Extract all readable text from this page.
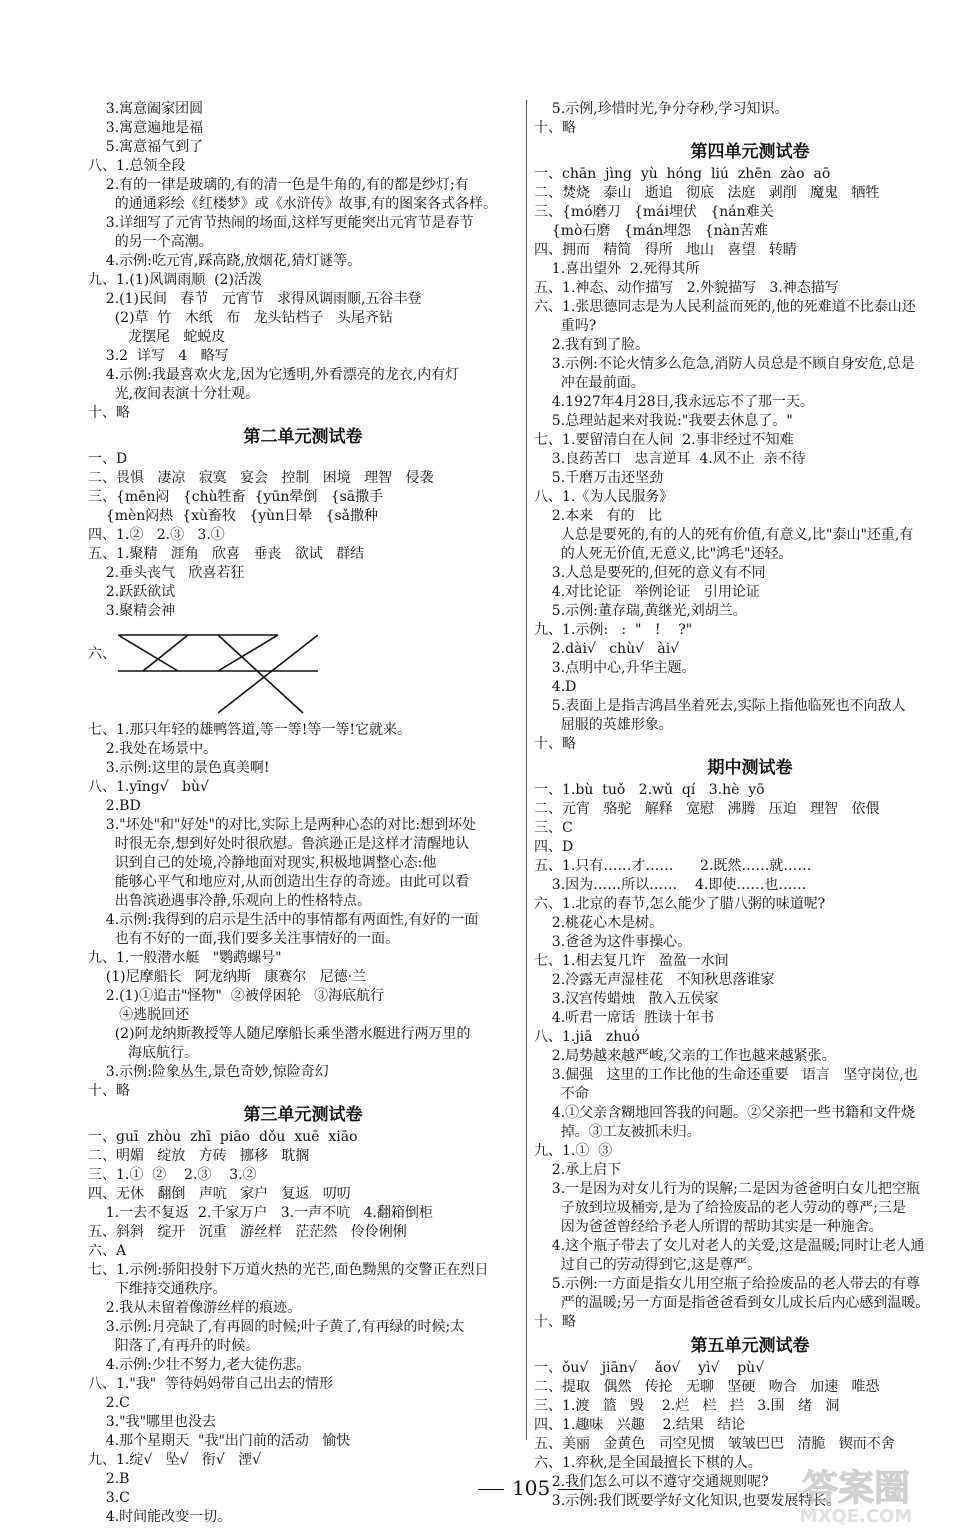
3.寓意阖家团圆
3.寓意遍地是福
5.寓意福气到了
八、1.总领全段
2.有的一律是玻璃的,有的清一色是牛角的,有的都是纱灯;有
的通通彩绘《红楼梦》或《水浒传》故事,有的图案各式各样。
3.详细写了元宵节热闹的场面,这样写更能突出元宵节是春节
的另一个高潮。
4.示例:吃元宵,踩高跷,放烟花,猜灯谜等。
九、1.(1)风调雨顺  (2)活泼
2.(1)民间   春节   元宵节   求得风调雨顺,五谷丰登
(2)草  竹   木纸   布   龙头钻档子   头尾齐钻
龙摆尾   蛇蜕皮
3.2  详写   4   略写
4.示例:我最喜欢火龙,因为它透明,外看漂亮的龙衣,内有灯
光,夜间表演十分壮观。
十、略
第二单元测试卷
一、D
二、畏惧   凄凉   寂寞   宴会   控制   困境   理智   侵袭
三、{mēn闷   {chù牲畜  {yūn晕倒   {sā撒手
{mèn闷热  {xù畜牧   {yùn日晕   {sǎ撒种
四、1.②   2.③   3.①
五、1.聚精   涯角   欣喜   垂丧   欲试   群结
2.垂头丧气   欣喜若狂
2.跃跃欲试
3.聚精会神
六、
七、1.那只年轻的雄鸭答道,等一等!等一等!它就来。
2.我处在场景中。
3.示例:这里的景色真美啊!
八、1.yīng√   bù√
2.BD
3."坏处"和"好处"的对比,实际上是两种心态的对比:想到坏处
时很无奈,想到好处时很欣慰。鲁滨逊正是这样才清醒地认
识到自己的处境,冷静地面对现实,积极地调整心态:他
能够心平气和地应对,从而创造出生存的奇迹。由此可以看
出鲁滨逊遇事冷静,乐观向上的性格特点。
4.示例:我得到的启示是生活中的事情都有两面性,有好的一面
也有不好的一面,我们要多关注事情好的一面。
九、1.一般潜水艇   "鹦鹉螺号"
(1)尼摩船长   阿龙纳斯   康赛尔   尼德·兰
2.(1)①追击"怪物"  ②被俘困轮   ③海底航行
④逃脱回还
(2)阿龙纳斯教授等人随尼摩船长乘坐潜水艇进行两万里的
海底航行。
3.示例:险象丛生,景色奇妙,惊险奇幻
十、略
第三单元测试卷
一、ɡuī  zhòu  zhī  piāo  dǒu  xuē  xiāo
二、明媚   绽放   方砖   挪移   耽搁
三、1.①  ②    2.③    3.②
四、无休   翻倒   声吭   家户   复返   叨叨
1.一去不复返  2.千家万户   3.一声不吭   4.翻箱倒柜
五、斜斜   绽开   沉重   游丝样   茫茫然   伶伶俐俐
六、A
七、1.示例:骄阳投射下万道火热的光芒,面色黝黑的交警正在烈日
下维持交通秩序。
2.我从未留着像游丝样的痕迹。
3.示例:月亮缺了,有再圆的时候;叶子黄了,有再绿的时候;太
阳落了,有再升的时候。
4.示例:少壮不努力,老大徒伤悲。
八、1."我"  等待妈妈带自己出去的情形
2.C
3."我"哪里也没去
4.那个星期天  "我"出门前的活动   愉快
九、1.绽√   坠√   衔√   湮√
2.B
3.C
4.时间能改变一切。
5.示例,珍惜时光,争分夺秒,学习知识。
十、略
第四单元测试卷
一、chān  jìng  yù  hóng  liú  zhēn  zào  aō
二、焚烧   泰山   逝追   彻底   法庭   剥削   魔鬼   牺牲
三、{mó磨刀   {mái埋伏   {nán难关
{mò石磨   {mán埋怨   {nàn苦难
四、拥而   精简   得所   地山   喜望   转睛
1.喜出望外  2.死得其所
五、1.神态、动作描写   2.外貌描写   3.神态描写
六、1.张思德同志是为人民利益而死的,他的死难道不比泰山还
重吗?
2.我有到了脸。
3.示例:不论火情多么危急,消防人员总是不顾自身安危,总是
冲在最前面。
4.1927年4月28日,我永远忘不了那一天。
5.总理站起来对我说:"我要去休息了。"
七、1.要留清白在人间  2.事非经过不知难
3.良药苦口   忠言逆耳  4.风不止  亲不待
5.千磨万击还坚劲
八、1.《为人民服务》
2.本来   有的   比
人总是要死的,有的人的死有价值,有意义,比"泰山"还重,有
的人死无价值,无意义,比"鸿毛"还轻。
3.人总是要死的,但死的意义有不同
4.对比论证   举例论证   引用论证
5.示例:董存瑞,黄继光,刘胡兰。
九、1.示例:   :  "   !    ?"
2.dài√   chù√   ài√
3.点明中心,升华主题。
4.D
5.表面上是指吉鸿昌坐着死去,实际上指他临死也不向敌人
屈服的英雄形象。
十、略
期中测试卷
一、1.bù  tuǒ   2.wǔ  qí   3.hè  yō
二、元宵   骆驼   解释   宽慰   沸腾   压迫   理智   依偎
三、C
四、D
五、1.只有……才……      2.既然……就……
3.因为……所以……    4.即使……也……
六、1.北京的春节,怎么能少了腊八粥的味道呢?
2.桃花心木是树。
3.爸爸为这件事操心。
七、1.相去复几许   盈盈一水间
2.冷露无声湿桂花   不知秋思落谁家
3.汉宫传蜡烛   散入五侯家
4.听君一席话  胜读十年书
八、1.jiā   zhuó
2.局势越来越严峻,父亲的工作也越来越紧张。
3.倔强   这里的工作比他的生命还重要   语言   坚守岗位,也
不命
4.①父亲含糊地回答我的问题。②父亲把一些书籍和文件烧
掉。③工友被抓未归。
九、1.①  ③
2.承上启下
3.一是因为对女儿行为的误解;二是因为爸爸明白女儿把空瓶
子放到垃圾桶旁,是为了给捡废品的老人劳动的尊严;三是
因为爸爸曾经给予老人所谓的帮助其实是一种施舍。
4.这个瓶子带去了女儿对老人的关爱,这是温暖;同时让老人通
过自己的劳动得到它,这是尊严。
5.示例:一方面是指女儿用空瓶子给捡废品的老人带去的有尊
严的温暖;另一方面是指爸爸看到女儿成长后内心感到温暖。
十、略
第五单元测试卷
一、ǒu√   jiān√    ǎo√    yì√    pù√
二、提取   偶然   传抡   无聊   坚硬   吻合   加速   唯恐
三、1.渡   篮   毁    2.烂   栏   拦   3.围   绪   洞
四、1.趣味   兴趣    2.结果   结论
五、美丽   金黄色   司空见惯   皱皱巴巴   清脆   锲而不舍
六、1.弈秋,是全国最擅长下棋的人。
2.我们怎么可以不遵守交通规则呢?
3.示例:我们既要学好文化知识,也要发展特长。
105	答案圈
MXQE.COM
